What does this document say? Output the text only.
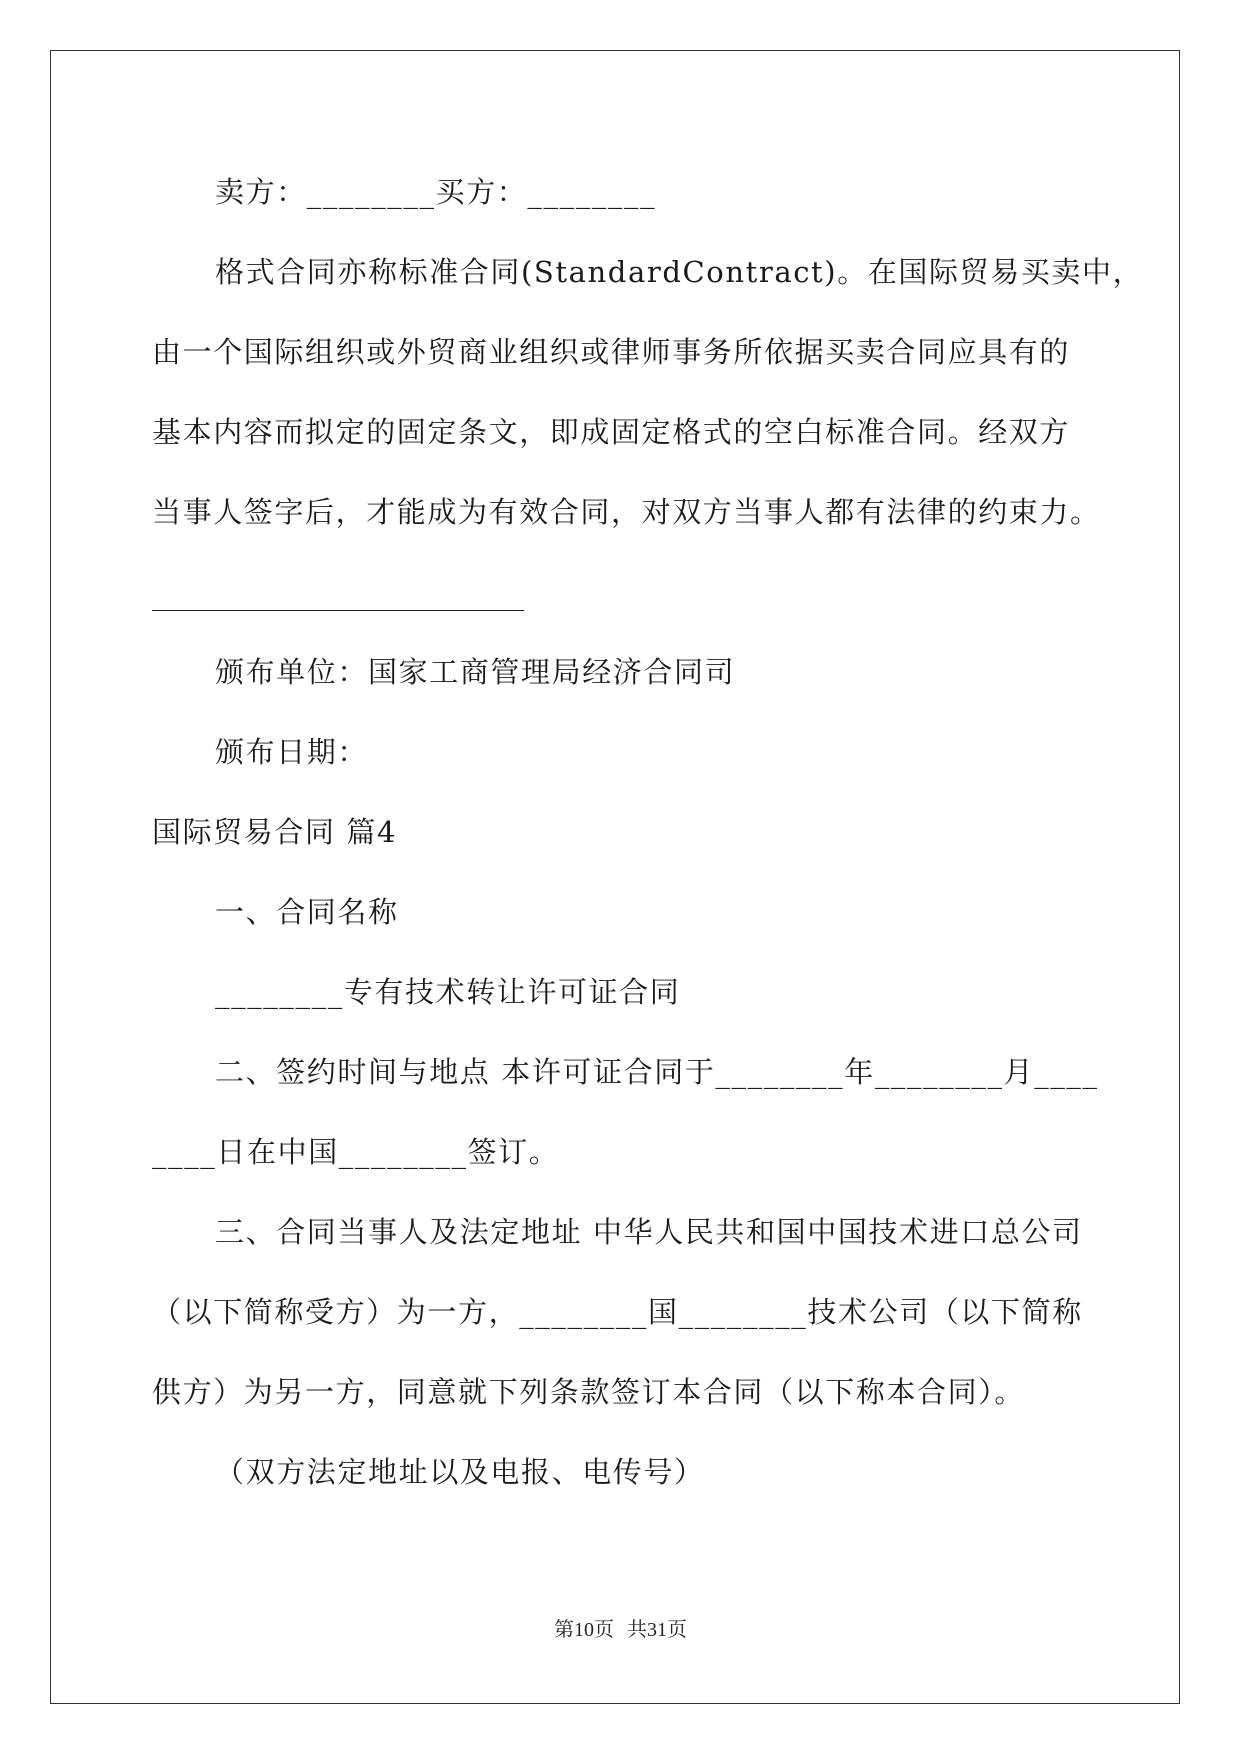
卖方：________买方：________
格式合同亦称标准合同(StandardContract)。在国际贸易买卖中，
由一个国际组织或外贸商业组织或律师事务所依据买卖合同应具有的
基本内容而拟定的固定条文，即成固定格式的空白标准合同。经双方
当事人签字后，才能成为有效合同，对双方当事人都有法律的约束力。
颁布单位：国家工商管理局经济合同司
颁布日期：
国际贸易合同 篇4
一、合同名称
________专有技术转让许可证合同
二、签约时间与地点 本许可证合同于________年________月____
____日在中国________签订。
三、合同当事人及法定地址 中华人民共和国中国技术进口总公司
（以下简称受方）为一方，________国________技术公司（以下简称
供方）为另一方，同意就下列条款签订本合同（以下称本合同）。
（双方法定地址以及电报、电传号）
第10页 共31页
